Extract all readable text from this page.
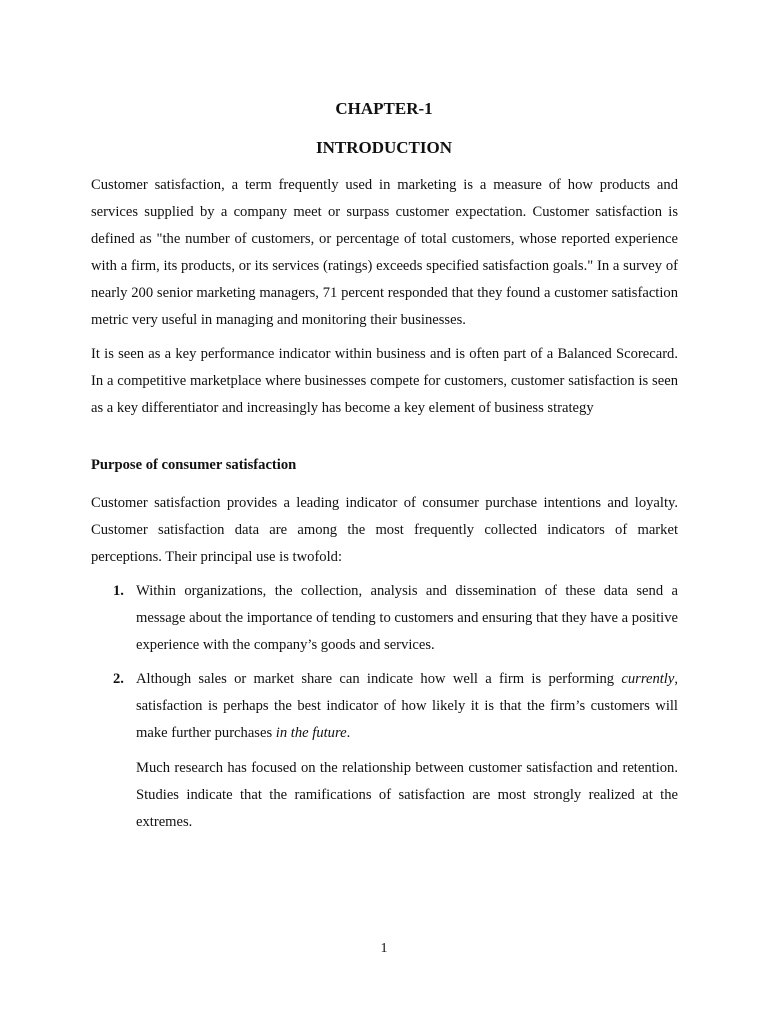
CHAPTER-1
INTRODUCTION

Customer satisfaction, a term frequently used in marketing is a measure of how products and services supplied by a company meet or surpass customer expectation. Customer satisfaction is defined as "the number of customers, or percentage of total customers, whose reported experience with a firm, its products, or its services (ratings) exceeds specified satisfaction goals." In a survey of nearly 200 senior marketing managers, 71 percent responded that they found a customer satisfaction metric very useful in managing and monitoring their businesses.

It is seen as a key performance indicator within business and is often part of a Balanced Scorecard. In a competitive marketplace where businesses compete for customers, customer satisfaction is seen as a key differentiator and increasingly has become a key element of business strategy

Purpose of consumer satisfaction

Customer satisfaction provides a leading indicator of consumer purchase intentions and loyalty. Customer satisfaction data are among the most frequently collected indicators of market perceptions. Their principal use is twofold:

1. Within organizations, the collection, analysis and dissemination of these data send a message about the importance of tending to customers and ensuring that they have a positive experience with the company’s goods and services.
2. Although sales or market share can indicate how well a firm is performing currently, satisfaction is perhaps the best indicator of how likely it is that the firm’s customers will make further purchases in the future.

Much research has focused on the relationship between customer satisfaction and retention. Studies indicate that the ramifications of satisfaction are most strongly realized at the extremes.

1
